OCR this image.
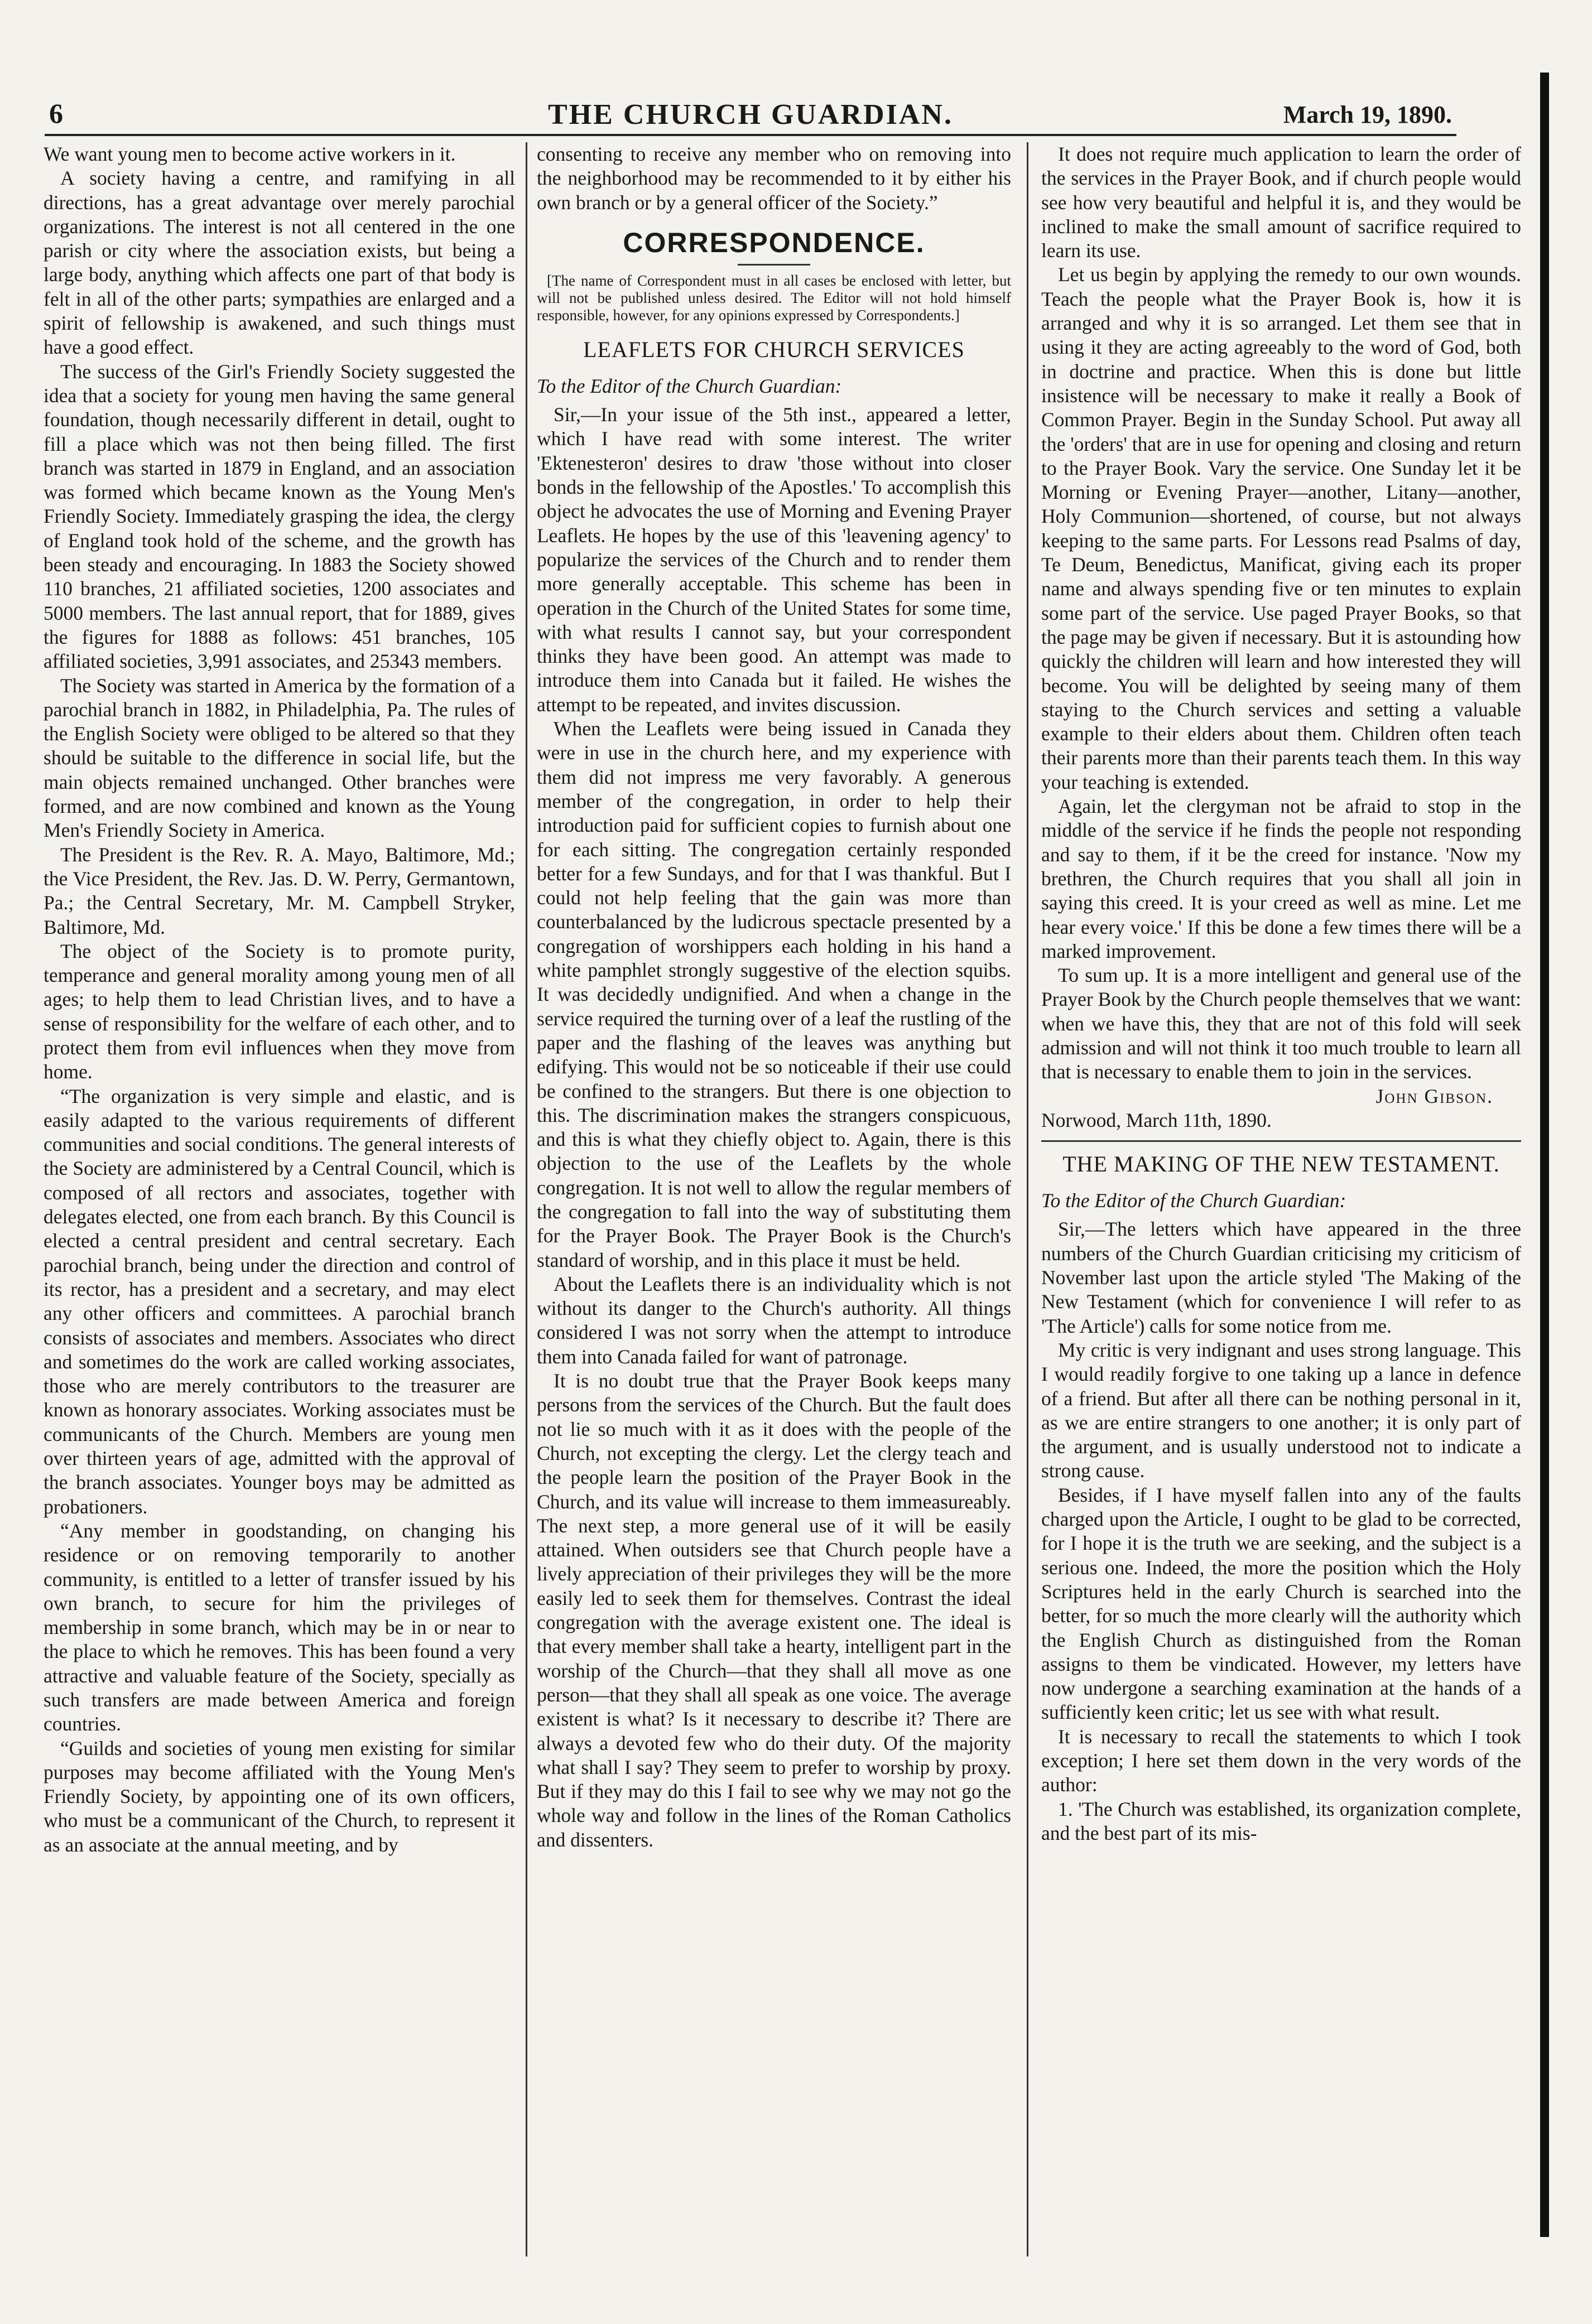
6	THE CHURCH GUARDIAN.	March 19, 1890.

We want young men to become active workers in it.

A society having a centre, and ramifying in all directions, has a great advantage over merely parochial organizations. The interest is not all centered in the one parish or city where the association exists, but being a large body, anything which affects one part of that body is felt in all of the other parts; sympathies are enlarged and a spirit of fellowship is awakened, and such things must have a good effect.

The success of the Girl's Friendly Society suggested the idea that a society for young men having the same general foundation, though necessarily different in detail, ought to fill a place which was not then being filled. The first branch was started in 1879 in England, and an association was formed which became known as the Young Men's Friendly Society. Immediately grasping the idea, the clergy of England took hold of the scheme, and the growth has been steady and encouraging. In 1883 the Society showed 110 branches, 21 affiliated societies, 1200 associates and 5000 members. The last annual report, that for 1889, gives the figures for 1888 as follows: 451 branches, 105 affiliated societies, 3,991 associates, and 25343 members.

The Society was started in America by the formation of a parochial branch in 1882, in Philadelphia, Pa. The rules of the English Society were obliged to be altered so that they should be suitable to the difference in social life, but the main objects remained unchanged. Other branches were formed, and are now combined and known as the Young Men's Friendly Society in America.

The President is the Rev. R. A. Mayo, Baltimore, Md.; the Vice President, the Rev. Jas. D. W. Perry, Germantown, Pa.; the Central Secretary, Mr. M. Campbell Stryker, Baltimore, Md.

The object of the Society is to promote purity, temperance and general morality among young men of all ages; to help them to lead Christian lives, and to have a sense of responsibility for the welfare of each other, and to protect them from evil influences when they move from home.

“The organization is very simple and elastic, and is easily adapted to the various requirements of different communities and social conditions. The general interests of the Society are administered by a Central Council, which is composed of all rectors and associates, together with delegates elected, one from each branch. By this Council is elected a central president and central secretary. Each parochial branch, being under the direction and control of its rector, has a president and a secretary, and may elect any other officers and committees. A parochial branch consists of associates and members. Associates who direct and sometimes do the work are called working associates, those who are merely contributors to the treasurer are known as honorary associates. Working associates must be communicants of the Church. Members are young men over thirteen years of age, admitted with the approval of the branch associates. Younger boys may be admitted as probationers.

“Any member in goodstanding, on changing his residence or on removing temporarily to another community, is entitled to a letter of transfer issued by his own branch, to secure for him the privileges of membership in some branch, which may be in or near to the place to which he removes. This has been found a very attractive and valuable feature of the Society, specially as such transfers are made between America and foreign countries.

“Guilds and societies of young men existing for similar purposes may become affiliated with the Young Men's Friendly Society, by appointing one of its own officers, who must be a communicant of the Church, to represent it as an associate at the annual meeting, and by

consenting to receive any member who on removing into the neighborhood may be recommended to it by either his own branch or by a general officer of the Society.”

CORRESPONDENCE.

[The name of Correspondent must in all cases be enclosed with letter, but will not be published unless desired. The Editor will not hold himself responsible, however, for any opinions expressed by Correspondents.]

LEAFLETS FOR CHURCH SERVICES

To the Editor of the Church Guardian:

Sir,—In your issue of the 5th inst., appeared a letter, which I have read with some interest. The writer 'Ektenesteron' desires to draw 'those without into closer bonds in the fellowship of the Apostles.' To accomplish this object he advocates the use of Morning and Evening Prayer Leaflets. He hopes by the use of this 'leavening agency' to popularize the services of the Church and to render them more generally acceptable. This scheme has been in operation in the Church of the United States for some time, with what results I cannot say, but your correspondent thinks they have been good. An attempt was made to introduce them into Canada but it failed. He wishes the attempt to be repeated, and invites discussion.

When the Leaflets were being issued in Canada they were in use in the church here, and my experience with them did not impress me very favorably. A generous member of the congregation, in order to help their introduction paid for sufficient copies to furnish about one for each sitting. The congregation certainly responded better for a few Sundays, and for that I was thankful. But I could not help feeling that the gain was more than counterbalanced by the ludicrous spectacle presented by a congregation of worshippers each holding in his hand a white pamphlet strongly suggestive of the election squibs. It was decidedly undignified. And when a change in the service required the turning over of a leaf the rustling of the paper and the flashing of the leaves was anything but edifying. This would not be so noticeable if their use could be confined to the strangers. But there is one objection to this. The discrimination makes the strangers conspicuous, and this is what they chiefly object to. Again, there is this objection to the use of the Leaflets by the whole congregation. It is not well to allow the regular members of the congregation to fall into the way of substituting them for the Prayer Book. The Prayer Book is the Church's standard of worship, and in this place it must be held.

About the Leaflets there is an individuality which is not without its danger to the Church's authority. All things considered I was not sorry when the attempt to introduce them into Canada failed for want of patronage.

It is no doubt true that the Prayer Book keeps many persons from the services of the Church. But the fault does not lie so much with it as it does with the people of the Church, not excepting the clergy. Let the clergy teach and the people learn the position of the Prayer Book in the Church, and its value will increase to them immeasureably. The next step, a more general use of it will be easily attained. When outsiders see that Church people have a lively appreciation of their privileges they will be the more easily led to seek them for themselves. Contrast the ideal congregation with the average existent one. The ideal is that every member shall take a hearty, intelligent part in the worship of the Church—that they shall all move as one person—that they shall all speak as one voice. The average existent is what? Is it necessary to describe it? There are always a devoted few who do their duty. Of the majority what shall I say? They seem to prefer to worship by proxy. But if they may do this I fail to see why we may not go the whole way and follow in the lines of the Roman Catholics and dissenters.

It does not require much application to learn the order of the services in the Prayer Book, and if church people would see how very beautiful and helpful it is, and they would be inclined to make the small amount of sacrifice required to learn its use.

Let us begin by applying the remedy to our own wounds. Teach the people what the Prayer Book is, how it is arranged and why it is so arranged. Let them see that in using it they are acting agreeably to the word of God, both in doctrine and practice. When this is done but little insistence will be necessary to make it really a Book of Common Prayer. Begin in the Sunday School. Put away all the 'orders' that are in use for opening and closing and return to the Prayer Book. Vary the service. One Sunday let it be Morning or Evening Prayer—another, Litany—another, Holy Communion—shortened, of course, but not always keeping to the same parts. For Lessons read Psalms of day, Te Deum, Benedictus, Manificat, giving each its proper name and always spending five or ten minutes to explain some part of the service. Use paged Prayer Books, so that the page may be given if necessary. But it is astounding how quickly the children will learn and how interested they will become. You will be delighted by seeing many of them staying to the Church services and setting a valuable example to their elders about them. Children often teach their parents more than their parents teach them. In this way your teaching is extended.

Again, let the clergyman not be afraid to stop in the middle of the service if he finds the people not responding and say to them, if it be the creed for instance. 'Now my brethren, the Church requires that you shall all join in saying this creed. It is your creed as well as mine. Let me hear every voice.' If this be done a few times there will be a marked improvement.

To sum up. It is a more intelligent and general use of the Prayer Book by the Church people themselves that we want: when we have this, they that are not of this fold will seek admission and will not think it too much trouble to learn all that is necessary to enable them to join in the services.

John Gibson.

Norwood, March 11th, 1890.

THE MAKING OF THE NEW TESTAMENT.

To the Editor of the Church Guardian:

Sir,—The letters which have appeared in the three numbers of the Church Guardian criticising my criticism of November last upon the article styled 'The Making of the New Testament (which for convenience I will refer to as 'The Article') calls for some notice from me.

My critic is very indignant and uses strong language. This I would readily forgive to one taking up a lance in defence of a friend. But after all there can be nothing personal in it, as we are entire strangers to one another; it is only part of the argument, and is usually understood not to indicate a strong cause.

Besides, if I have myself fallen into any of the faults charged upon the Article, I ought to be glad to be corrected, for I hope it is the truth we are seeking, and the subject is a serious one. Indeed, the more the position which the Holy Scriptures held in the early Church is searched into the better, for so much the more clearly will the authority which the English Church as distinguished from the Roman assigns to them be vindicated. However, my letters have now undergone a searching examination at the hands of a sufficiently keen critic; let us see with what result.

It is necessary to recall the statements to which I took exception; I here set them down in the very words of the author:

1. 'The Church was established, its organization complete, and the best part of its mis-
